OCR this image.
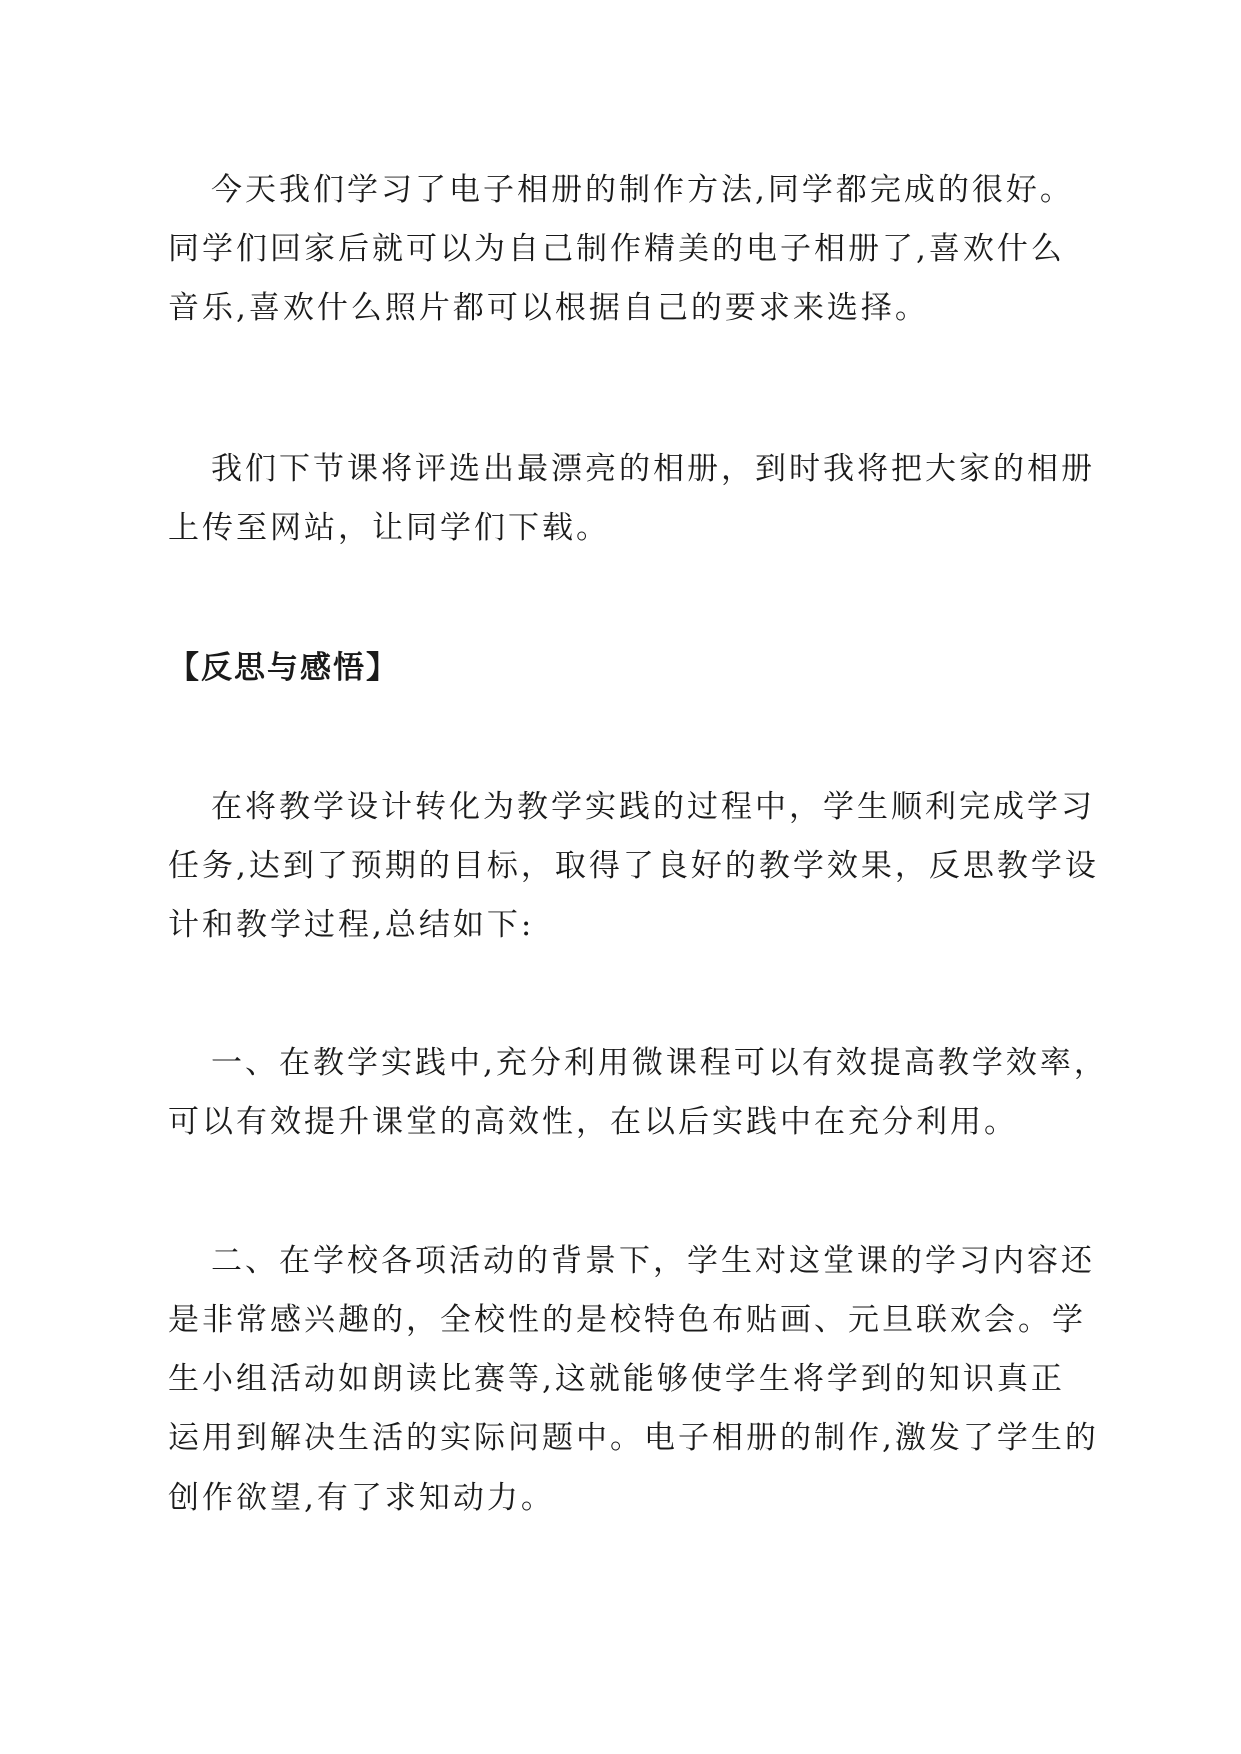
今天我们学习了电子相册的制作方法,同学都完成的很好。
同学们回家后就可以为自己制作精美的电子相册了,喜欢什么
音乐,喜欢什么照片都可以根据自己的要求来选择。
我们下节课将评选出最漂亮的相册，到时我将把大家的相册
上传至网站，让同学们下载。
【反思与感悟】
在将教学设计转化为教学实践的过程中，学生顺利完成学习
任务,达到了预期的目标，取得了良好的教学效果，反思教学设
计和教学过程,总结如下:
一、在教学实践中,充分利用微课程可以有效提高教学效率，
可以有效提升课堂的高效性，在以后实践中在充分利用。
二、在学校各项活动的背景下，学生对这堂课的学习内容还
是非常感兴趣的，全校性的是校特色布贴画、元旦联欢会。学
生小组活动如朗读比赛等,这就能够使学生将学到的知识真正
运用到解决生活的实际问题中。电子相册的制作,激发了学生的
创作欲望,有了求知动力。
